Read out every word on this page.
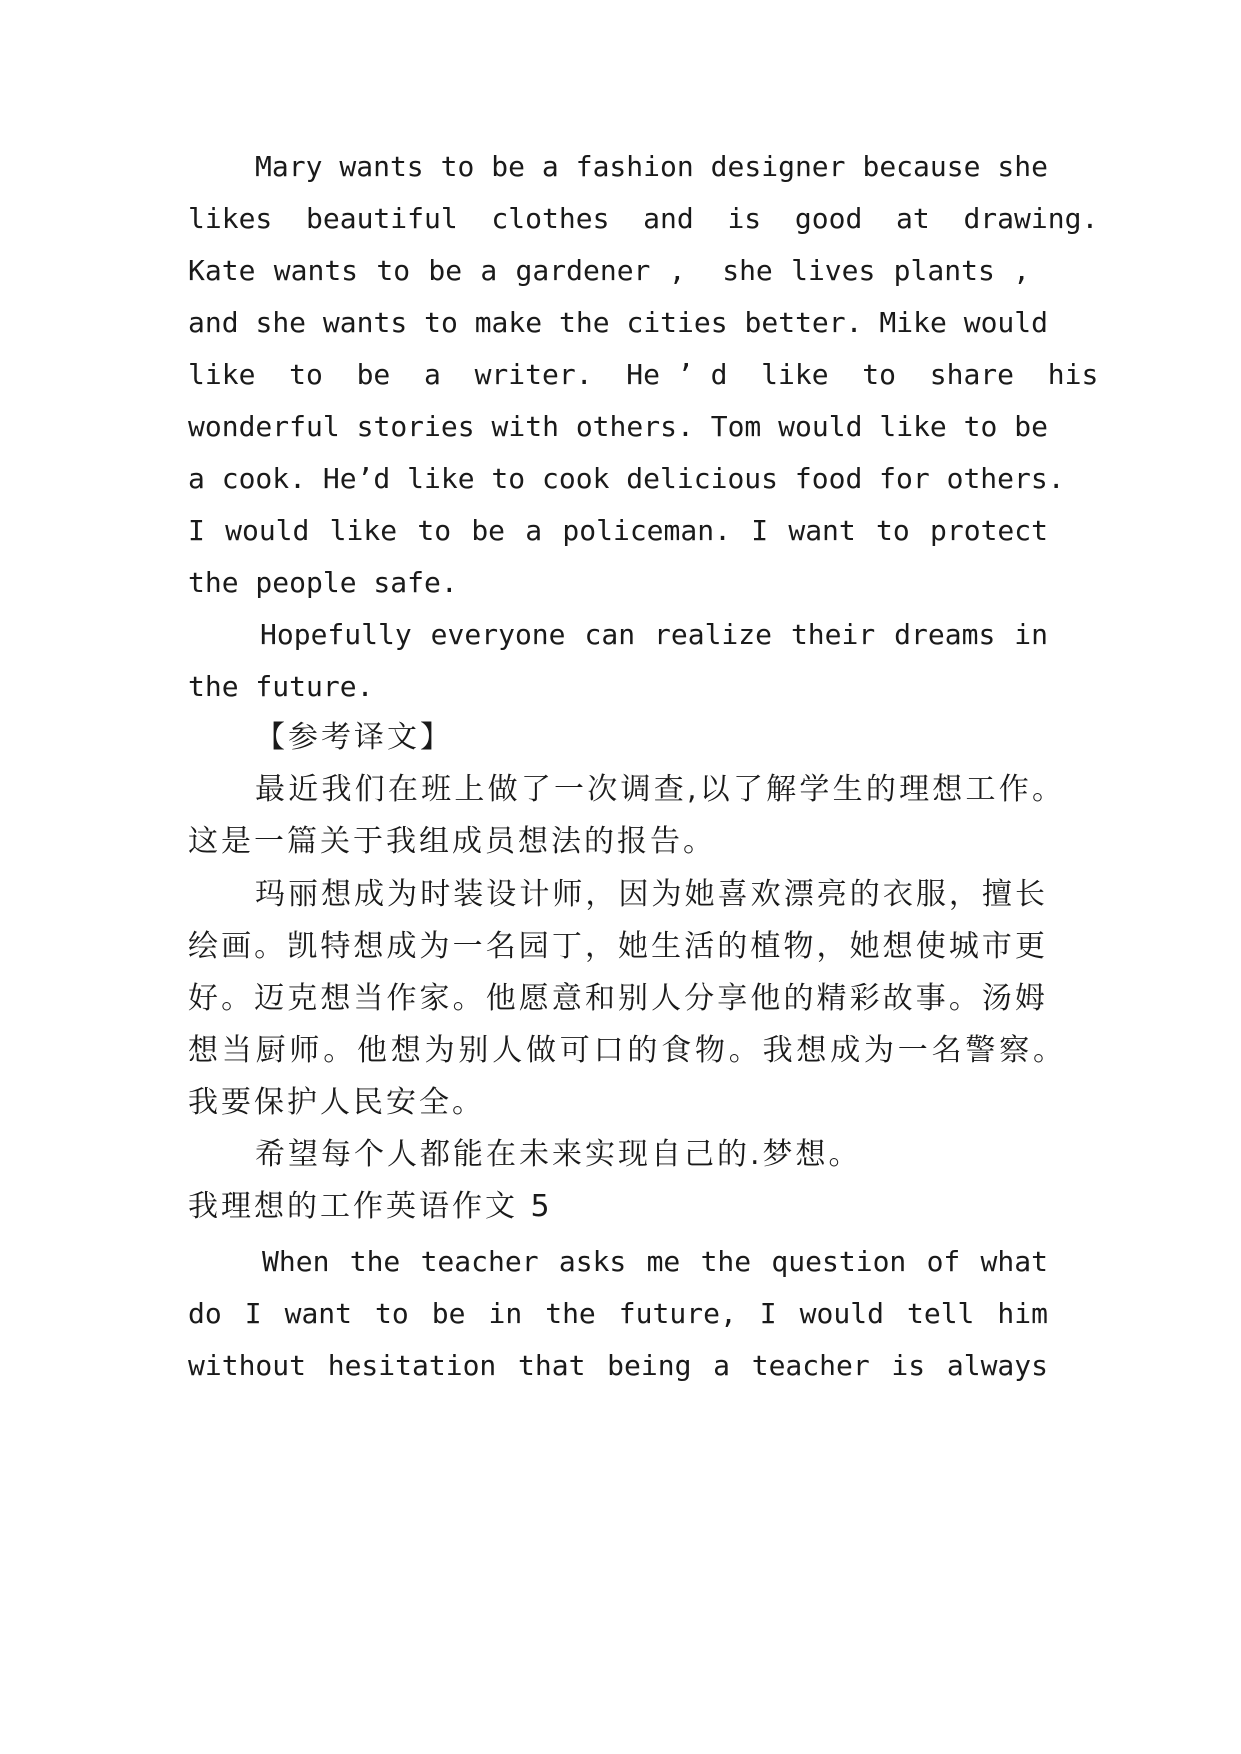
Mary wants to be a fashion designer because she
likes  beautiful  clothes  and  is  good  at  drawing.
Kate wants to be a gardener ,  she lives plants ,
and she wants to make the cities better. Mike would
like  to  be  a  writer.  He ’ d  like  to  share  his
wonderful stories with others. Tom would like to be
a cook. He’d like to cook delicious food for others.
I would like to be a policeman. I want to protect
the people safe.
Hopefully everyone can realize their dreams in
the future.
【参考译文】
最近我们在班上做了一次调查,以了解学生的理想工作。
这是一篇关于我组成员想法的报告。
玛丽想成为时装设计师，因为她喜欢漂亮的衣服，擅长
绘画。凯特想成为一名园丁，她生活的植物，她想使城市更
好。迈克想当作家。他愿意和别人分享他的精彩故事。汤姆
想当厨师。他想为别人做可口的食物。我想成为一名警察。
我要保护人民安全。
希望每个人都能在未来实现自己的.梦想。
我理想的工作英语作文 5
When the teacher asks me the question of what
do I want to be in the future, I would tell him
without hesitation that being a teacher is always
